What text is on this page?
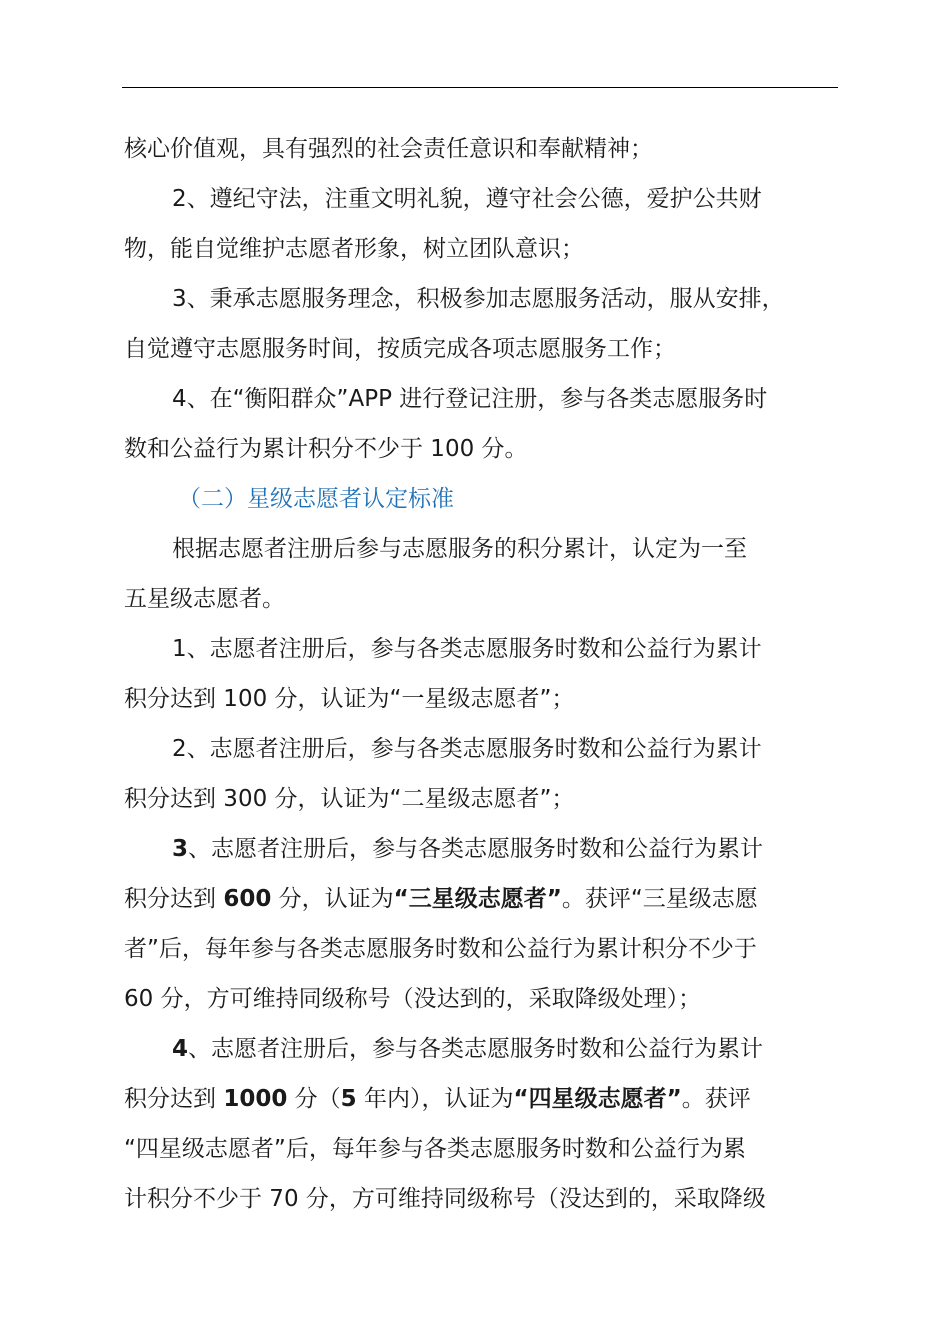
核心价值观，具有强烈的社会责任意识和奉献精神；
2、遵纪守法，注重文明礼貌，遵守社会公德，爱护公共财
物，能自觉维护志愿者形象，树立团队意识；
3、秉承志愿服务理念，积极参加志愿服务活动，服从安排，
自觉遵守志愿服务时间，按质完成各项志愿服务工作；
4、在“衡阳群众”APP 进行登记注册，参与各类志愿服务时
数和公益行为累计积分不少于 100 分。
（二）星级志愿者认定标准
根据志愿者注册后参与志愿服务的积分累计，认定为一至
五星级志愿者。
1、志愿者注册后，参与各类志愿服务时数和公益行为累计
积分达到 100 分，认证为“一星级志愿者”；
2、志愿者注册后，参与各类志愿服务时数和公益行为累计
积分达到 300 分，认证为“二星级志愿者”；
3、志愿者注册后，参与各类志愿服务时数和公益行为累计
积分达到 600 分，认证为“三星级志愿者”。获评“三星级志愿
者”后，每年参与各类志愿服务时数和公益行为累计积分不少于
60 分，方可维持同级称号（没达到的，采取降级处理）；
4、志愿者注册后，参与各类志愿服务时数和公益行为累计
积分达到 1000 分（5 年内），认证为“四星级志愿者”。获评
“四星级志愿者”后，每年参与各类志愿服务时数和公益行为累
计积分不少于 70 分，方可维持同级称号（没达到的，采取降级
